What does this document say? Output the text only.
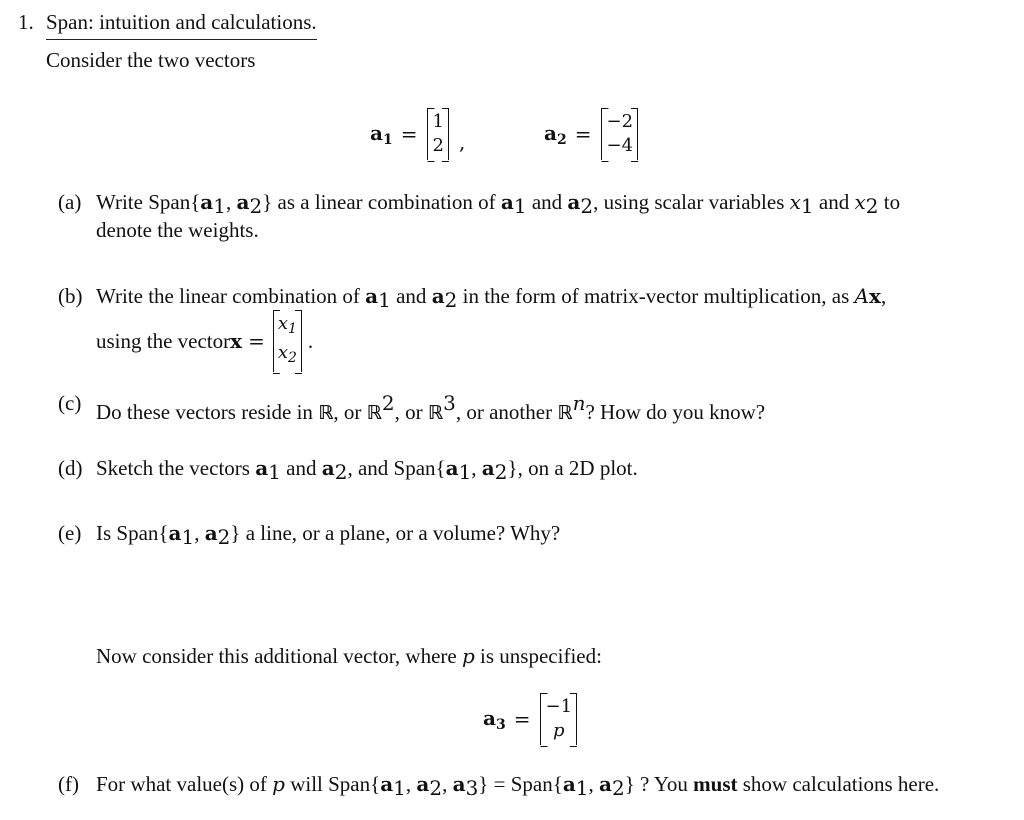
1. Span: intuition and calculations.
Consider the two vectors
$a_1$ =
1
2 ,	$a_2$ =
−2
−4
(a) Write $Span\{a_1$, $a_2$} as a linear combination of $a_1$ and $a_2$, using scalar variables $x_1$ and $x_2$ to
denote the weights.
(b) Write the linear combination of $a_1$ and $a_2$ in the form of matrix-vector multiplication, as Ax,
using the vector x =
$x_1$
$x_2$
.
(c) Do these vectors reside in ℝ, or ℝ$^2$, or ℝ$^3$, or another ℝ$^n$? How do you know?
(d) Sketch the vectors $a_1$ and $a_2$, and $Span\{a_1$, $a_2$}, on a 2D plot.
(e) Is $Span\{a_1$, $a_2$} a line, or a plane, or a volume? Why?
Now consider this additional vector, where p is unspecified:
$a_3$ =
−1
p
(f) For what value(s) of p will $Span\{a_1$, $a_2$, $a_3$} = $Span\{a_1$, $a_2$} ? You must show calculations here.
